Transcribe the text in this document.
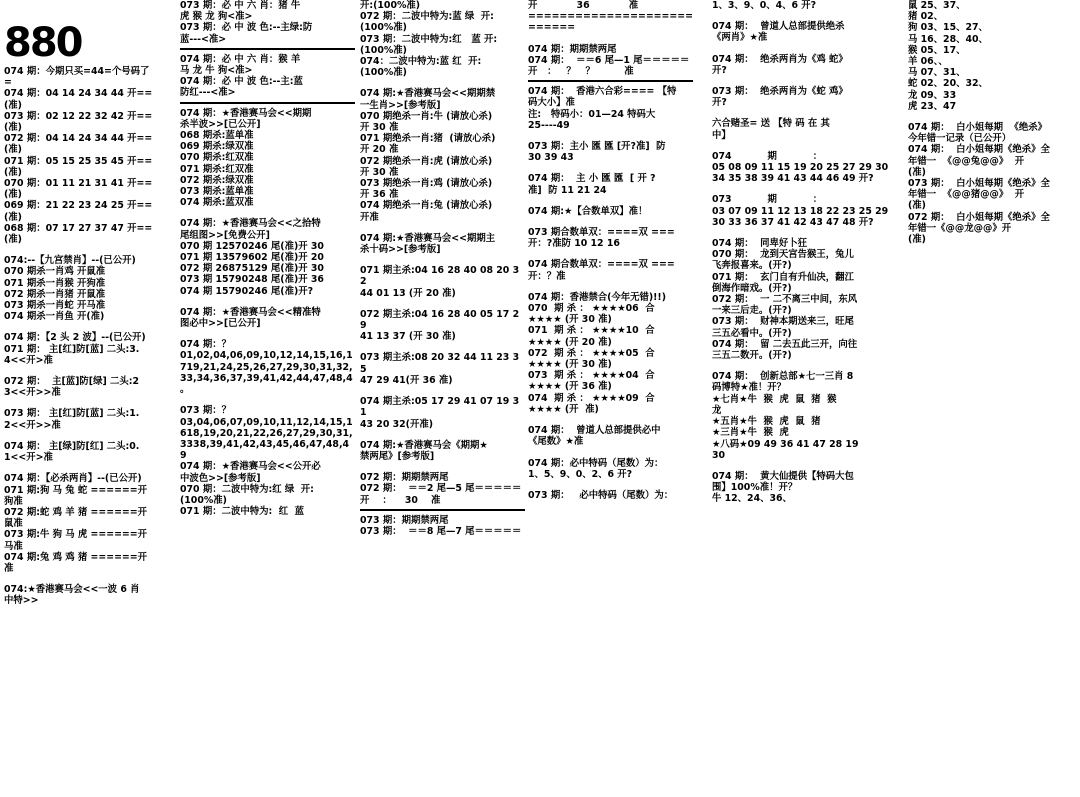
880
074 期：今期只买=44=个号码了
=
074 期：04 14 24 34 44 开==(准)
073 期：02 12 22 32 42 开==(准)
072 期：04 14 24 34 44 开==(准)
071 期：05 15 25 35 45 开==(准)
070 期：01 11 21 31 41 开==(准)
069 期：21 22 23 24 25 开==(准)
068 期：07 17 27 37 47 开==(准)
074:--【九宫禁肖】--(已公开)
070 期杀一肖鸡 开鼠准
071 期杀一肖猴 开狗准
072 期杀一肖猪 开鼠准
073 期杀一肖蛇 开马准
074 期杀一肖鱼 开(准)
074 期：【2 头 2 波】--(已公开)
071 期： 主[红]防[蓝] 二头:3.
4<<开>准
072 期：  主[蓝]防[绿] 二头:2
3<<开>>准
073 期： 主[红]防[蓝] 二头:1.
2<<开>>准
074 期： 主[绿]防[红] 二头:0.
1<<开>准
074 期：【必杀两肖】--(已公开)
071 期:狗 马 兔 蛇 ======开
狗准
072 期:蛇 鸡 羊 猪 ======开
鼠准
073 期:牛 狗 马 虎 ======开
马准
074 期:兔 鸡 鸡 猪 ======开
准
074:★香港赛马会<<一波 6 肖
中特>>
073 期：必 中 六 肖：猪 牛
虎 猴 龙 狗<准>
073 期：必 中 波 色:--主绿:防
蓝---<准>
074 期：必 中 六 肖：猴 羊
马 龙 牛 狗<准>
074 期：必 中 波 色:--主:蓝
防红---<准>
074 期：★香港赛马会<<期期
杀半波>>[已公开]
068 期杀:蓝单准
069 期杀:绿双准
070 期杀:红双准
071 期杀:红双准
072 期杀:绿双准
073 期杀:蓝单准
074 期杀:蓝双准
074 期：★香港赛马会<<之拾特
尾组图>>[免费公开]
070 期 12570246 尾(准)开 30
071 期 13579602 尾(准)开 20
072 期 26875129 尾(准)开 30
073 期 15790248 尾(准)开 36
074 期 15790246 尾(准)开?
074 期：★香港赛马会<<精准特
图必中>>[已公开]
074 期：？
01,02,04,06,09,10,12,14,15,16,1
719,21,24,25,26,27,29,30,31,32,
33,34,36,37,39,41,42,44,47,48,4
。
073 期：？
03,04,06,07,09,10,11,12,14,15,1
618,19,20,21,22,26,27,29,30,31,
3338,39,41,42,43,45,46,47,48,49
074 期：★香港赛马会<<公开必
中波色>>[参考版]
070 期：二波中特为:红 绿  开:
(100%准)
071 期：二波中特为:  红  蓝
开:(100%准)
072 期：二波中特为:蓝 绿  开:
(100%准)
073 期：二波中特为:红   蓝 开:
(100%准)
074：二波中特为:蓝 红  开:
(100%准)
074 期:★香港赛马会<<期期禁
一生肖>>[参考版]
070 期绝杀一肖:牛 (请放心杀)
开 30 准
071 期绝杀一肖:猪  (请放心杀)
开 20 准
072 期绝杀一肖:虎 (请放心杀)
开 30 准
073 期绝杀一肖:鸡 (请放心杀)
开 36 准
074 期绝杀一肖:兔 (请放心杀)
开准
074 期:★香港赛马会<<期期主
杀十码>>[参考版]
071 期主杀:04 16 28 40 08 20 32
44 01 13 (开 20 准)
072 期主杀:04 16 28 40 05 17 29
41 13 37 (开 30 准)
073 期主杀:08 20 32 44 11 23 35
47 29 41(开 36 准)
074 期主杀:05 17 29 41 07 19 31
43 20 32(开准)
074 期:★香港赛马会《期期★
禁两尾》[参考版]
072 期：期期禁两尾
072 期：  ＝＝2 尾—5 尾＝＝＝＝＝
开    ：    30    准
073 期：期期禁两尾
073 期：  ＝＝8 尾—7 尾＝＝＝＝＝
开            36            准
===========================
074 期：期期禁两尾
074 期：  ＝＝6 尾—1 尾＝＝＝＝＝
开   ：   ？   ？         准
074 期：  香港六合彩==== 【特
码大小】准
注:   特码小：01—24 特码大
25----49
073 期：主小 匯 匯 [开?准]  防
30 39 43
074 期：  主 小 匯 匯  [ 开 ?
准]  防 11 21 24
074 期:★【合数单双】准！
073 期合数单双：====双 ===
开：?准防 10 12 16
074 期合数单双：====双 ===
开：？准
074 期：香港禁合(今年无错)!!)
070  期 杀 ： ★★★★06  合
★★★★ (开 30 准)
071  期 杀 ： ★★★★10  合
★★★★ (开 20 准)
072  期 杀 ： ★★★★05  合
★★★★ (开 30 准)
073  期 杀 ： ★★★★04  合
★★★★ (开 36 准)
074  期 杀 ： ★★★★09  合
★★★★ (开  准)
074 期：  曾道人总部提供必中
《尾数》★准
074 期：必中特码（尾数）为：
1、5、9、0、2、6 开?
073 期：   必中特码（尾数）为：
1、3、9、0、4、6 开?
074 期：  曾道人总部提供绝杀
《两肖》★准
074 期：  绝杀两肖为《鸡 蛇》
开?
073 期：  绝杀两肖为《蛇 鸡》
开?
六合赌圣= 送 【特 码 在 其
中】
074           期           ：
05 08 09 11 15 19 20 25 27 29 30
34 35 38 39 41 43 44 46 49 开?
073           期           ：
03 07 09 11 12 13 18 22 23 25 29
30 33 36 37 41 42 43 47 48 开?
074 期：  同卑好卜狂
070 期：  龙到天宫告猴王，兔儿
飞奔报喜来。(开?)
071 期：  玄门自有升仙决，翻江
倒海作暗戏。(开?)
072 期：  一 二不离三中间，东风
一来三后走。(开?)
073 期：  财神本期送来三，旺尾
三五必看中。(开?)
074 期：  留 二去五此三开，向往
三五二数开。(开?)
074 期：  创新总部★七一三肖 8
码博特★准！开？
★七肖★牛  猴  虎  鼠  猪  猴
龙
★五肖★牛  猴  虎  鼠  猪
★三肖★牛  猴  虎
★八码★09 49 36 41 47 28 19
30
074 期：  黄大仙提供【特码大包
围】100%准！开？
牛 12、24、36、
鼠 25、37、
猪 02、
狗 03、15、27、
马 16、28、40、
猴 05、17、
羊 06、、
马 07、31、
蛇 02、20、32、
龙 09、33
虎 23、47
074 期：  白小姐每期  《绝杀》
今年错一记录（已公开）
074 期：  白小姐每期《绝杀》全
年错一  《@@兔@@》  开
(准)
073 期：  白小姐每期《绝杀》全
年错一  《@@猪@@》  开
(准)
072 期：  白小姐每期《绝杀》全
年错一《@@龙@@》开
(准)
